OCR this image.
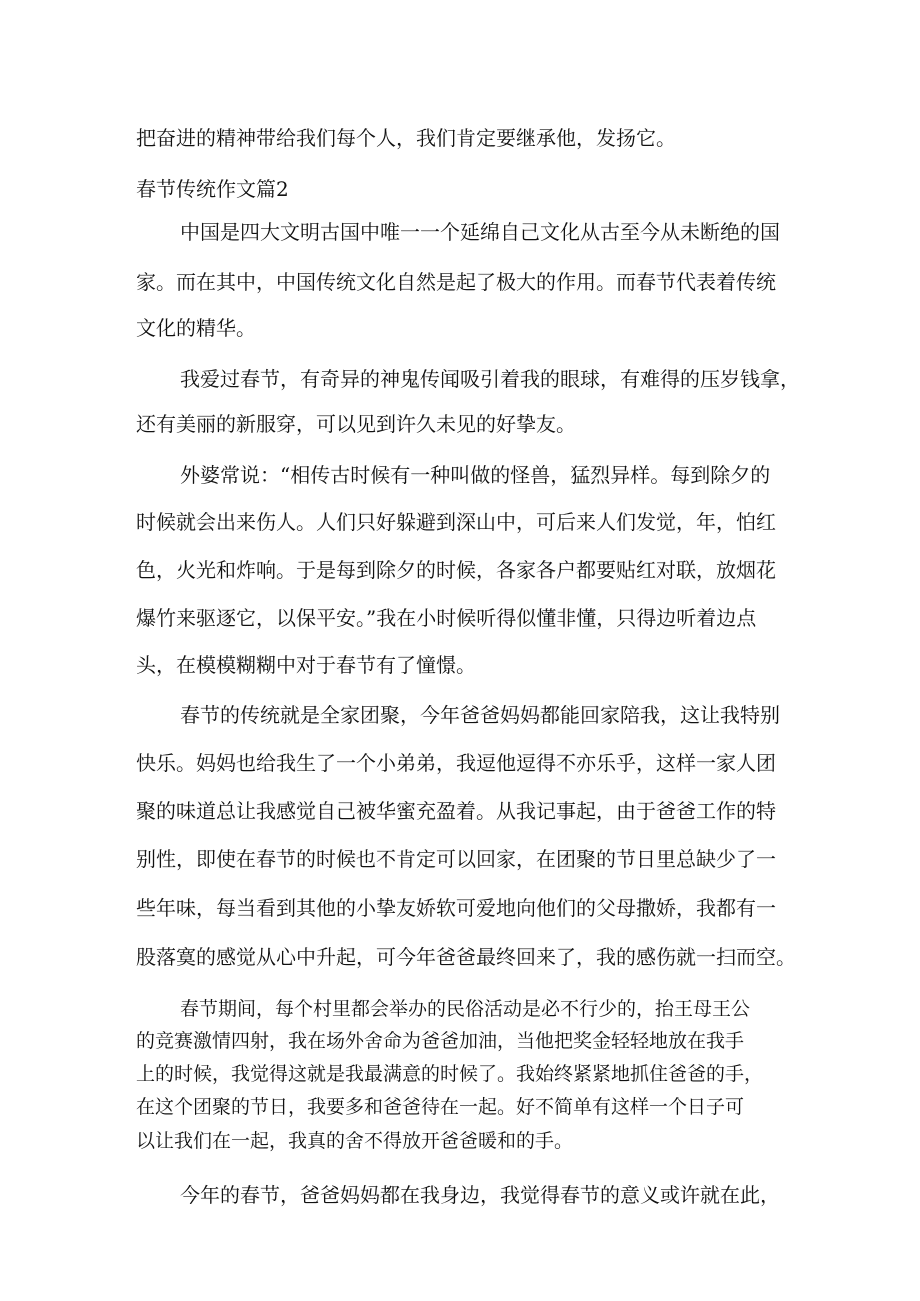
把奋进的精神带给我们每个人，我们肯定要继承他，发扬它。
春节传统作文篇2
中国是四大文明古国中唯一一个延绵自己文化从古至今从未断绝的国
家。而在其中，中国传统文化自然是起了极大的作用。而春节代表着传统
文化的精华。
我爱过春节，有奇异的神鬼传闻吸引着我的眼球，有难得的压岁钱拿，
还有美丽的新服穿，可以见到许久未见的好挚友。
外婆常说：“相传古时候有一种叫做的怪兽，猛烈异样。每到除夕的
时候就会出来伤人。人们只好躲避到深山中，可后来人们发觉，年，怕红
色，火光和炸响。于是每到除夕的时候，各家各户都要贴红对联，放烟花
爆竹来驱逐它，以保平安。”我在小时候听得似懂非懂，只得边听着边点
头，在模模糊糊中对于春节有了憧憬。
春节的传统就是全家团聚，今年爸爸妈妈都能回家陪我，这让我特别
快乐。妈妈也给我生了一个小弟弟，我逗他逗得不亦乐乎，这样一家人团
聚的味道总让我感觉自己被华蜜充盈着。从我记事起，由于爸爸工作的特
别性，即使在春节的时候也不肯定可以回家，在团聚的节日里总缺少了一
些年味，每当看到其他的小挚友娇软可爱地向他们的父母撒娇，我都有一
股落寞的感觉从心中升起，可今年爸爸最终回来了，我的感伤就一扫而空。
春节期间，每个村里都会举办的民俗活动是必不行少的，抬王母王公
的竞赛激情四射，我在场外舍命为爸爸加油，当他把奖金轻轻地放在我手
上的时候，我觉得这就是我最满意的时候了。我始终紧紧地抓住爸爸的手，
在这个团聚的节日，我要多和爸爸待在一起。好不简单有这样一个日子可
以让我们在一起，我真的舍不得放开爸爸暖和的手。
今年的春节，爸爸妈妈都在我身边，我觉得春节的意义或许就在此，
